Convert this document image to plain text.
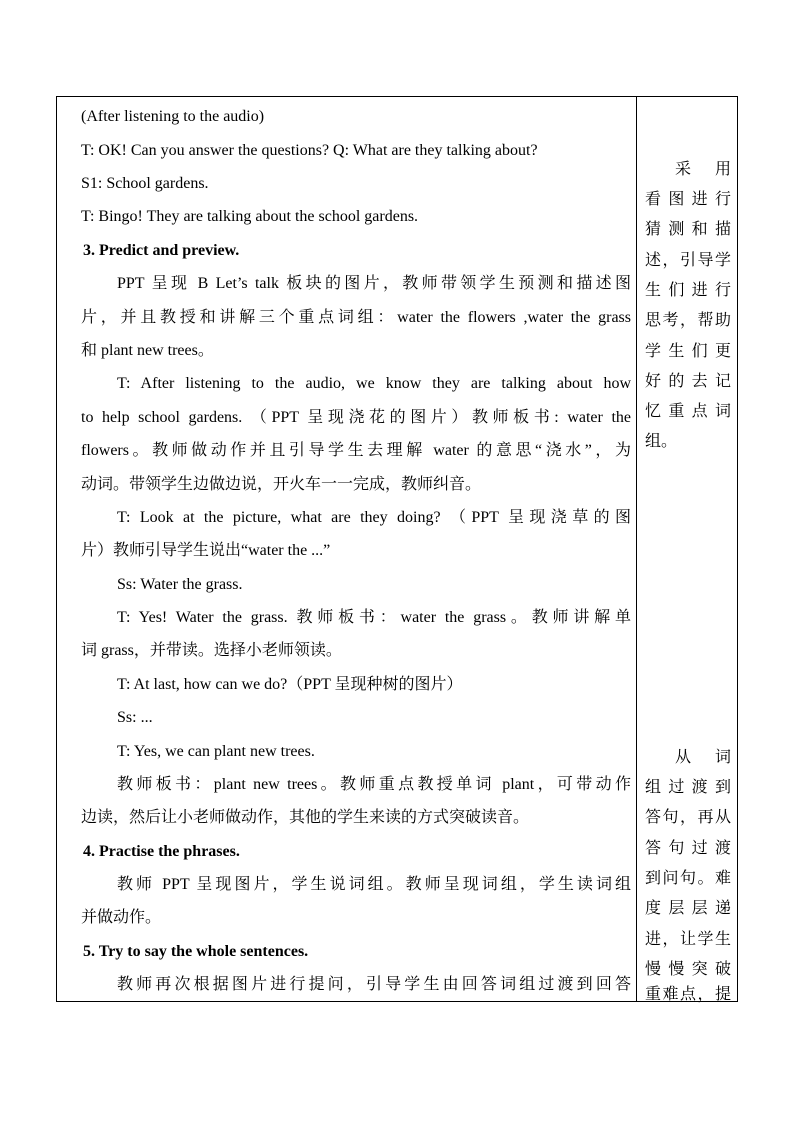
(After listening to the audio)
T: OK! Can you answer the questions? Q: What are they talking about?
S1: School gardens.
T: Bingo! They are talking about the school gardens.
3. Predict and preview.
PPT 呈现 B Let’s talk 板块的图片，教师带领学生预测和描述图
片，并且教授和讲解三个重点词组：water the flowers ,water the grass
和 plant new trees。
T: After listening to the audio, we know they are talking about how
to help school gardens. （PPT 呈现浇花的图片）教师板书: water the
flowers。教师做动作并且引导学生去理解 water 的意思“浇水”，为
动词。带领学生边做边说，开火车一一完成，教师纠音。
T: Look at the picture, what are they doing? （PPT 呈现浇草的图
片）教师引导学生说出“water the ...”
Ss: Water the grass.
T: Yes! Water the grass. 教师板书：water the grass。教师讲解单
词 grass，并带读。选择小老师领读。
T: At last, how can we do?（PPT 呈现种树的图片）
Ss: ...
T: Yes, we can plant new trees.
教师板书：plant new trees。教师重点教授单词 plant，可带动作
边读，然后让小老师做动作，其他的学生来读的方式突破读音。
4. Practise the phrases.
教师 PPT 呈现图片，学生说词组。教师呈现词组，学生读词组
并做动作。
5. Try to say the whole sentences.
教师再次根据图片进行提问，引导学生由回答词组过渡到回答
采 用
看图进行
猜测和描
述，引导学
生们进行
思考，帮助
学生们更
好的去记
忆重点词
组。
从 词
组过渡到
答句，再从
答句过渡
到问句。难
度层层递
进，让学生
慢慢突破
重难点，提
